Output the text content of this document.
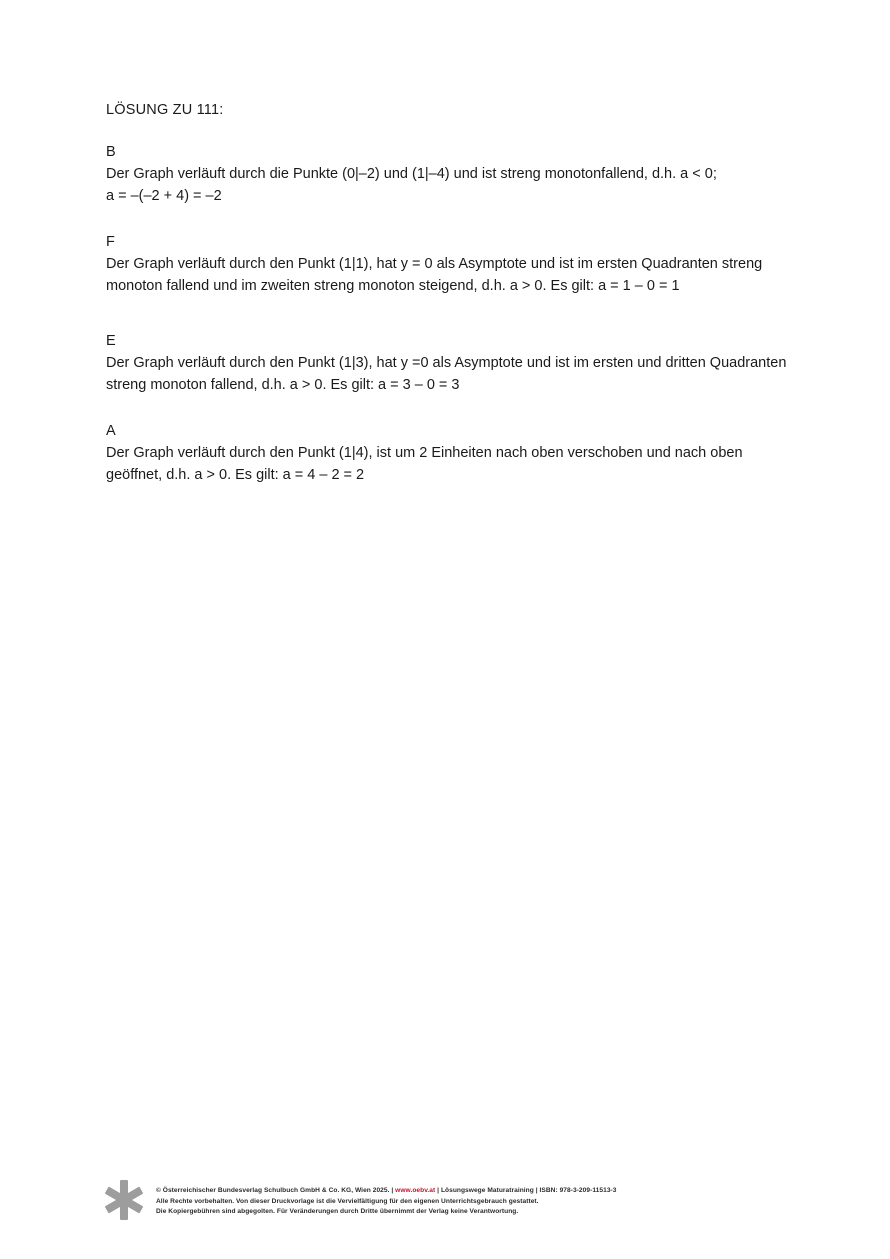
LÖSUNG ZU 111:

B

Der Graph verläuft durch die Punkte (0|–2) und (1|–4) und ist streng monotonfallend, d.h. a < 0;

a = –(–2 + 4) = –2

F

Der Graph verläuft durch den Punkt (1|1), hat y = 0 als Asymptote und ist im ersten Quadranten streng

monoton fallend und im zweiten streng monoton steigend, d.h. a > 0. Es gilt: a = 1 – 0 = 1

E

Der Graph verläuft durch den Punkt (1|3), hat y =0 als Asymptote und ist im ersten und dritten Quadranten

streng monoton fallend, d.h. a > 0. Es gilt: a = 3 – 0 = 3

A

Der Graph verläuft durch den Punkt (1|4), ist um 2 Einheiten nach oben verschoben und nach oben

geöffnet, d.h. a > 0. Es gilt: a = 4 – 2 = 2

© Österreichischer Bundesverlag Schulbuch GmbH & Co. KG, Wien 2025. | www.oebv.at | Lösungswege Maturatraining | ISBN: 978-3-209-11513-3

Alle Rechte vorbehalten. Von dieser Druckvorlage ist die Vervielfältigung für den eigenen Unterrichtsgebrauch gestattet.

Die Kopiergebühren sind abgegolten. Für Veränderungen durch Dritte übernimmt der Verlag keine Verantwortung.
